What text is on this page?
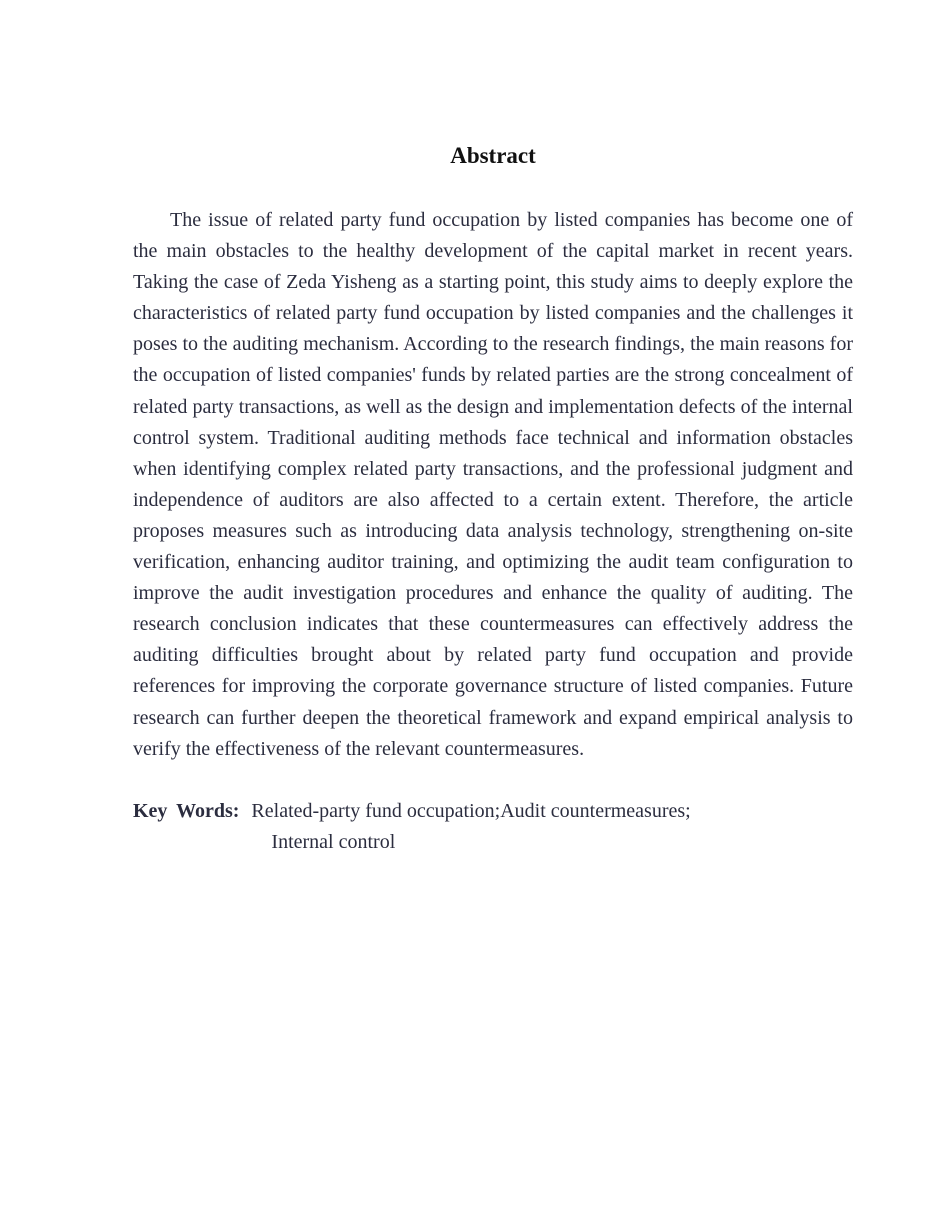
Abstract

The issue of related party fund occupation by listed companies has become one of the main obstacles to the healthy development of the capital market in recent years. Taking the case of Zeda Yisheng as a starting point, this study aims to deeply explore the characteristics of related party fund occupation by listed companies and the challenges it poses to the auditing mechanism. According to the research findings, the main reasons for the occupation of listed companies' funds by related parties are the strong concealment of related party transactions, as well as the design and implementation defects of the internal control system. Traditional auditing methods face technical and information obstacles when identifying complex related party transactions, and the professional judgment and independence of auditors are also affected to a certain extent. Therefore, the article proposes measures such as introducing data analysis technology, strengthening on-site verification, enhancing auditor training, and optimizing the audit team configuration to improve the audit investigation procedures and enhance the quality of auditing. The research conclusion indicates that these countermeasures can effectively address the auditing difficulties brought about by related party fund occupation and provide references for improving the corporate governance structure of listed companies. Future research can further deepen the theoretical framework and expand empirical analysis to verify the effectiveness of the relevant countermeasures.

Key Words: Related-party fund occupation;Audit countermeasures;
Internal control
